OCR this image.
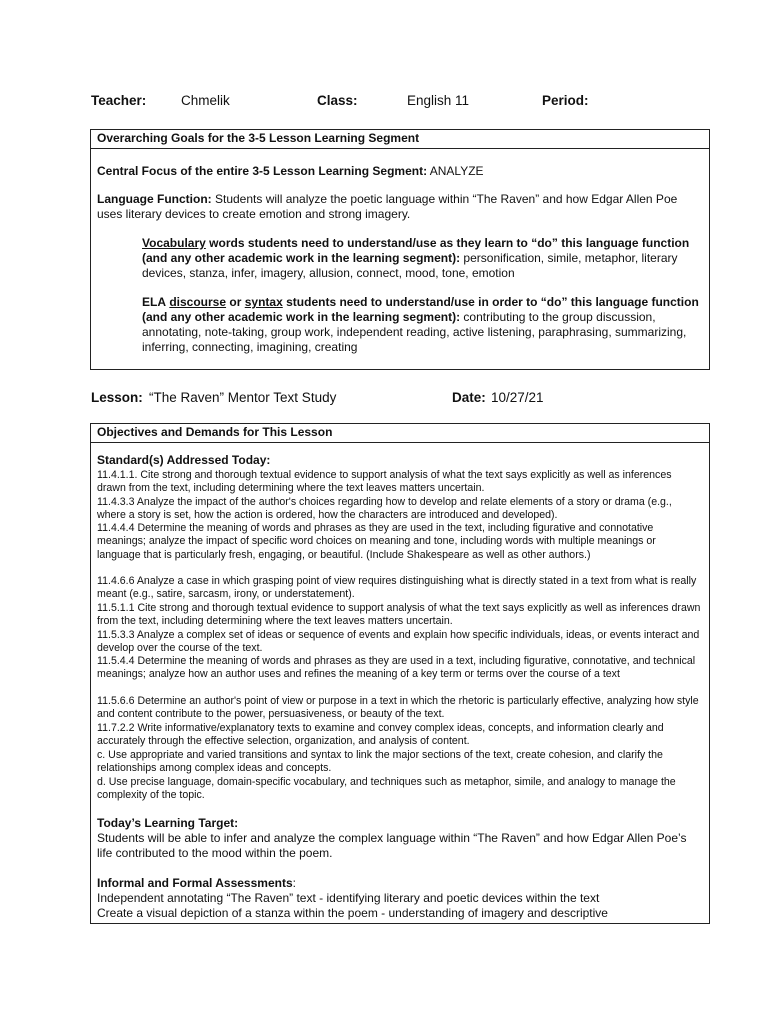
Teacher:	Chmelik	Class:	English 11	Period:
Overarching Goals for the 3-5 Lesson Learning Segment
Central Focus of the entire 3-5 Lesson Learning Segment: ANALYZE
Language Function: Students will analyze the poetic language within “The Raven” and how Edgar Allen Poe uses literary devices to create emotion and strong imagery.
Vocabulary words students need to understand/use as they learn to “do” this language function (and any other academic work in the learning segment): personification, simile, metaphor, literary devices, stanza, infer, imagery, allusion, connect, mood, tone, emotion
ELA discourse or syntax students need to understand/use in order to “do” this language function (and any other academic work in the learning segment): contributing to the group discussion, annotating, note-taking, group work, independent reading, active listening, paraphrasing, summarizing, inferring, connecting, imagining, creating
Lesson: “The Raven” Mentor Text Study	Date: 10/27/21
Objectives and Demands for This Lesson
Standard(s) Addressed Today:
11.4.1.1. Cite strong and thorough textual evidence to support analysis of what the text says explicitly as well as inferences drawn from the text, including determining where the text leaves matters uncertain.
11.4.3.3 Analyze the impact of the author's choices regarding how to develop and relate elements of a story or drama (e.g., where a story is set, how the action is ordered, how the characters are introduced and developed).
11.4.4.4 Determine the meaning of words and phrases as they are used in the text, including figurative and connotative meanings; analyze the impact of specific word choices on meaning and tone, including words with multiple meanings or language that is particularly fresh, engaging, or beautiful. (Include Shakespeare as well as other authors.)
11.4.6.6 Analyze a case in which grasping point of view requires distinguishing what is directly stated in a text from what is really meant (e.g., satire, sarcasm, irony, or understatement).
11.5.1.1 Cite strong and thorough textual evidence to support analysis of what the text says explicitly as well as inferences drawn from the text, including determining where the text leaves matters uncertain.
11.5.3.3 Analyze a complex set of ideas or sequence of events and explain how specific individuals, ideas, or events interact and develop over the course of the text.
11.5.4.4 Determine the meaning of words and phrases as they are used in a text, including figurative, connotative, and technical meanings; analyze how an author uses and refines the meaning of a key term or terms over the course of a text
11.5.6.6 Determine an author's point of view or purpose in a text in which the rhetoric is particularly effective, analyzing how style and content contribute to the power, persuasiveness, or beauty of the text.
11.7.2.2 Write informative/explanatory texts to examine and convey complex ideas, concepts, and information clearly and accurately through the effective selection, organization, and analysis of content.
c. Use appropriate and varied transitions and syntax to link the major sections of the text, create cohesion, and clarify the relationships among complex ideas and concepts.
d. Use precise language, domain-specific vocabulary, and techniques such as metaphor, simile, and analogy to manage the complexity of the topic.
Today’s Learning Target:
Students will be able to infer and analyze the complex language within “The Raven” and how Edgar Allen Poe’s life contributed to the mood within the poem.
Informal and Formal Assessments:
Independent annotating “The Raven” text - identifying literary and poetic devices within the text
Create a visual depiction of a stanza within the poem - understanding of imagery and descriptive
